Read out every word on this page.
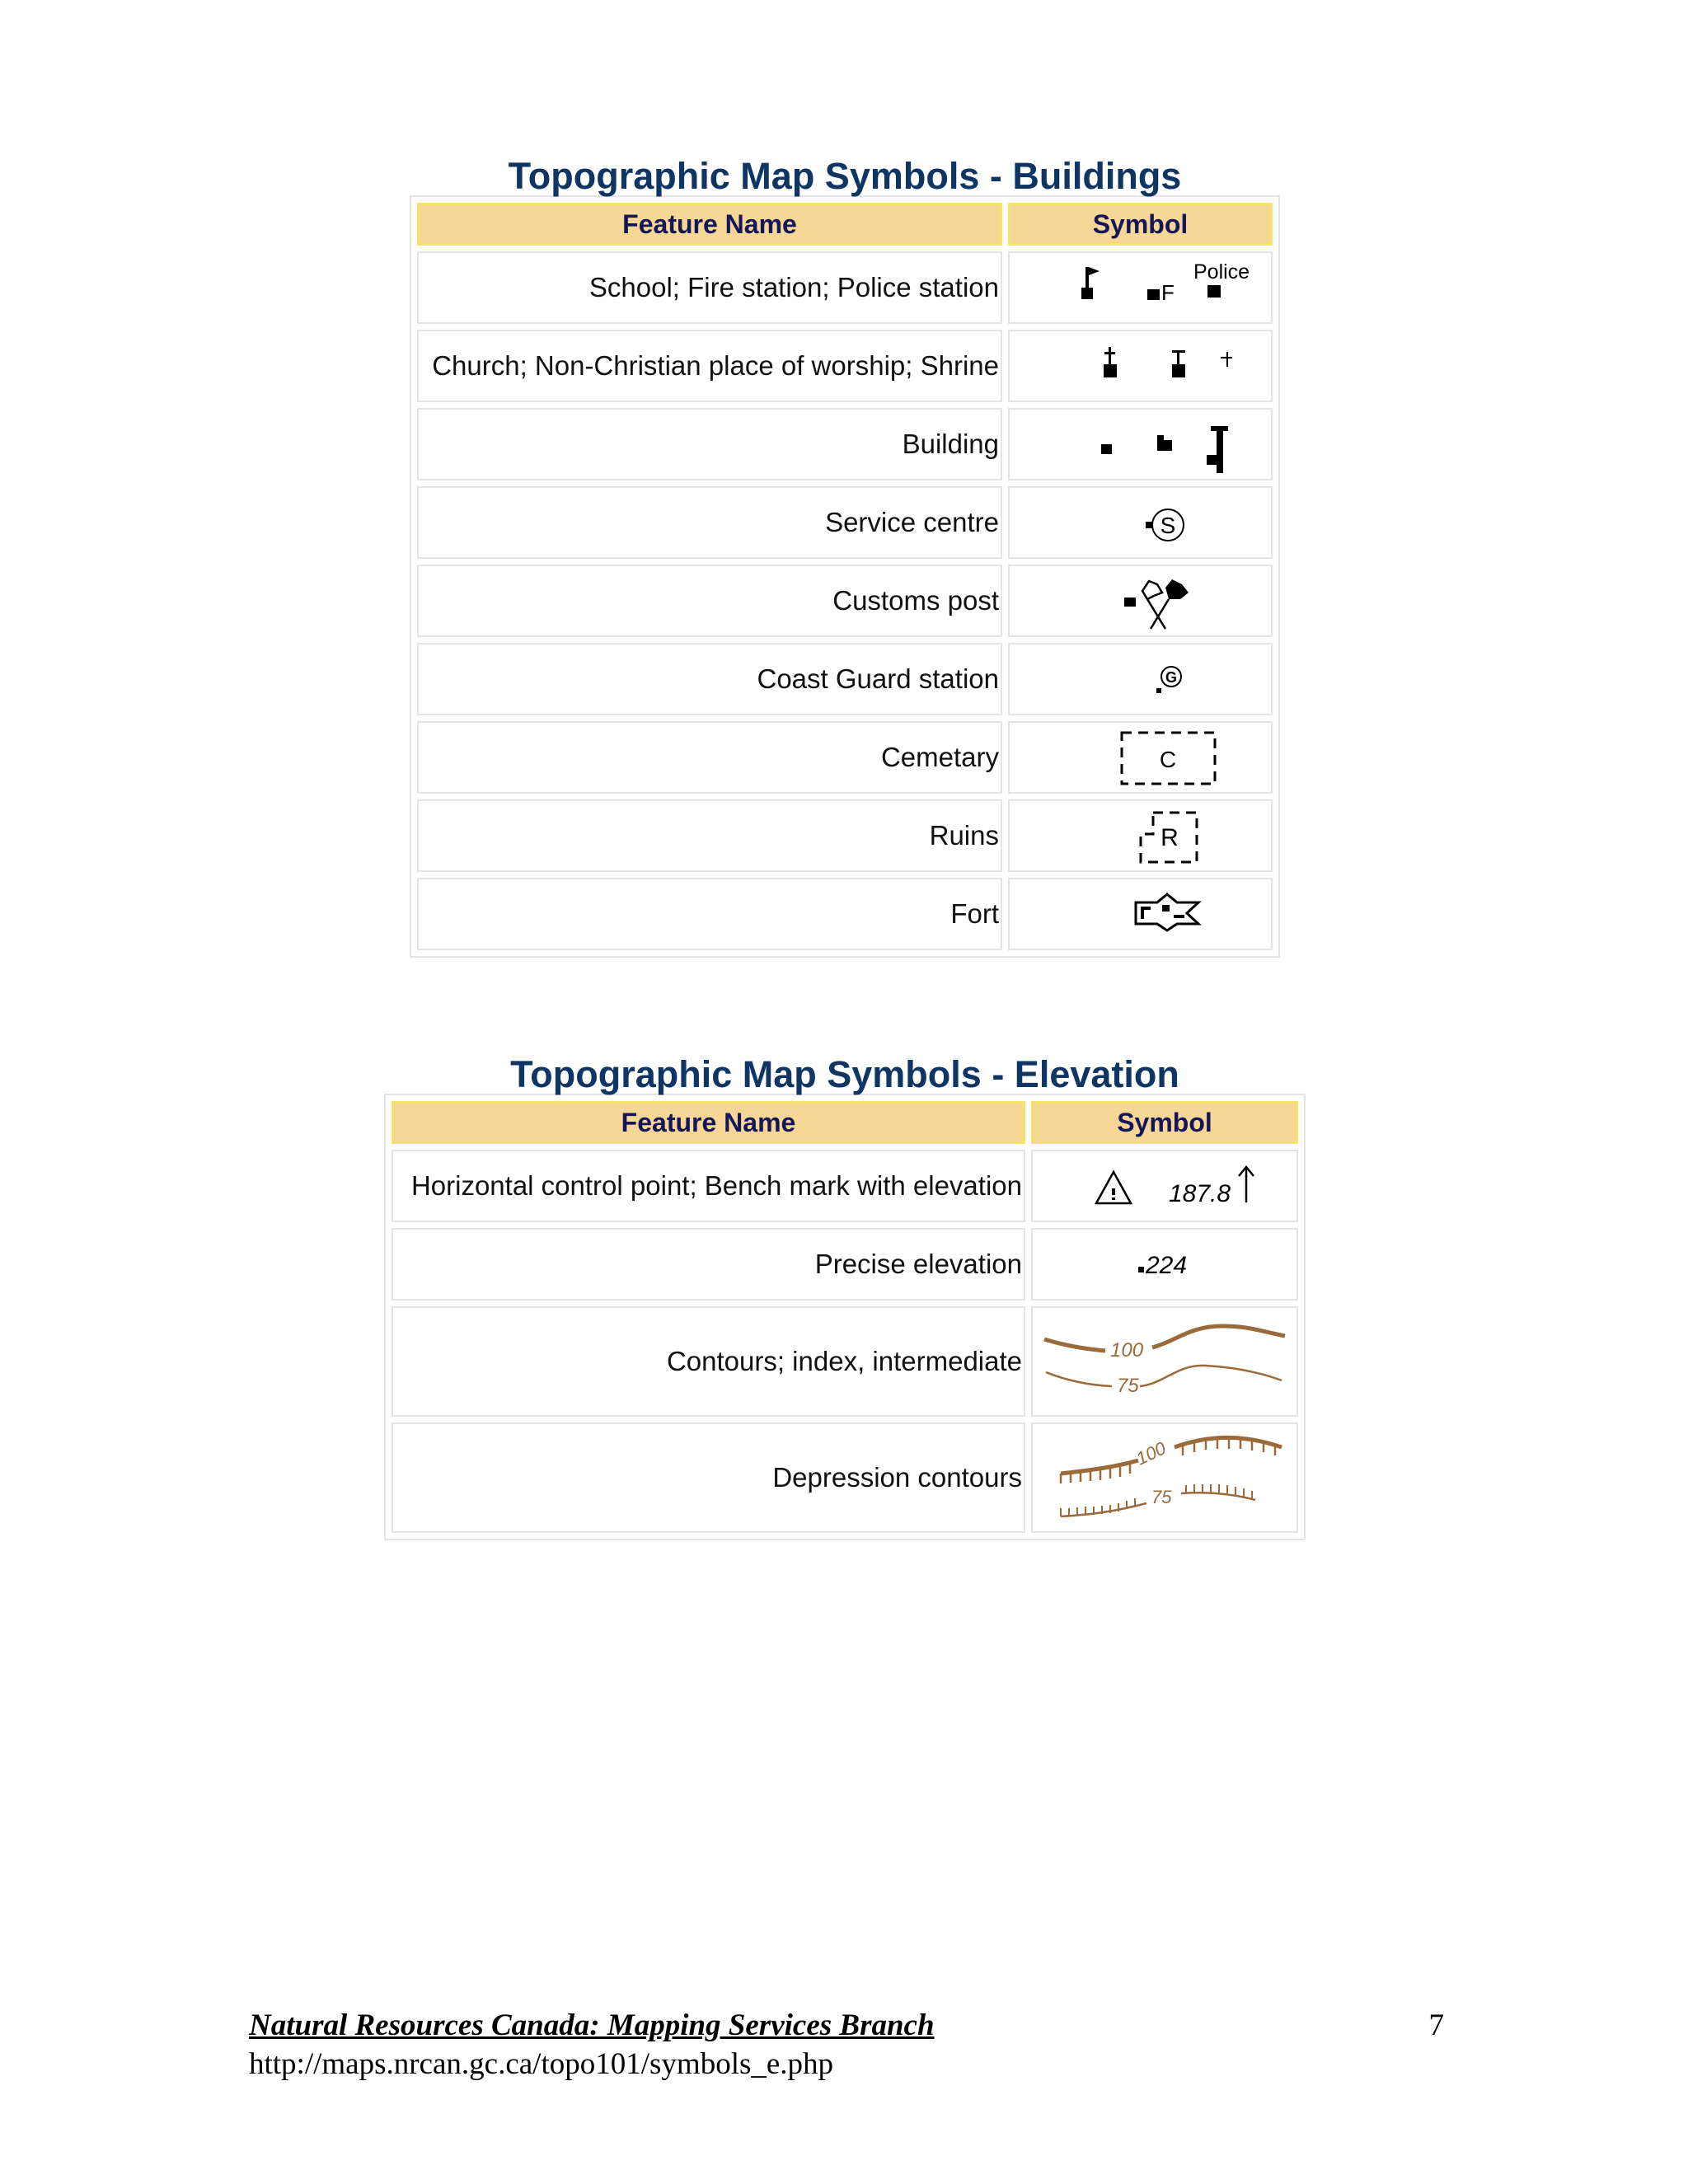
Topographic Map Symbols - Buildings
Feature Name	Symbol
School; Fire station; Police station	F
Police

Church; Non-Christian place of worship; Shrine	

Building	

Service centre	S

Customs post	

Coast Guard station	G

Cemetary	C

Ruins	R

Fort	
Topographic Map Symbols - Elevation
Feature Name	Symbol
Horizontal control point; Bench mark with elevation	187.8

Precise elevation	224

Contours; index, intermediate	100
75

Depression contours	100
75
Natural Resources Canada: Mapping Services Branch
http://maps.nrcan.gc.ca/topo101/symbols_e.php
7
